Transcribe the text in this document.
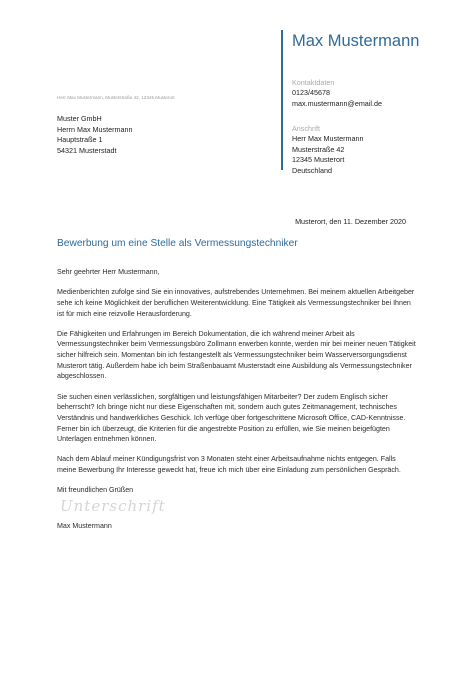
Max Mustermann
Kontaktdaten
0123/45678
max.mustermann@email.de
Anschrift
Herr Max Mustermann
Musterstraße 42
12345 Musterort
Deutschland
Herr Max Mustermann, Musterstraße 42, 12345 Musterort
Muster GmbH
Herrn Max Mustermann
Hauptstraße 1
54321 Musterstadt
Musterort, den 11. Dezember 2020
Bewerbung um eine Stelle als Vermessungstechniker

Sehr geehrter Herr Mustermann,

Medienberichten zufolge sind Sie ein innovatives, aufstrebendes Unternehmen. Bei meinem aktuellen Arbeitgeber sehe ich keine Möglichkeit der beruflichen Weiterentwicklung. Eine Tätigkeit als Vermessungstechniker bei Ihnen ist für mich eine reizvolle Herausforderung.

Die Fähigkeiten und Erfahrungen im Bereich Dokumentation, die ich während meiner Arbeit als Vermessungstechniker beim Vermessungsbüro Zollmann erwerben konnte, werden mir bei meiner neuen Tätigkeit sicher hilfreich sein. Momentan bin ich festangestellt als Vermessungstechniker beim Wasserversorgungsdienst Musterort tätig. Außerdem habe ich beim Straßenbauamt Musterstadt eine Ausbildung als Vermessungstechniker abgeschlossen.

Sie suchen einen verlässlichen, sorgfältigen und leistungsfähigen Mitarbeiter? Der zudem Englisch sicher beherrscht? Ich bringe nicht nur diese Eigenschaften mit, sondern auch gutes Zeitmanagement, technisches Verständnis und handwerkliches Geschick. Ich verfüge über fortgeschrittene Microsoft Office, CAD-Kenntnisse. Ferner bin ich überzeugt, die Kriterien für die angestrebte Position zu erfüllen, wie Sie meinen beigefügten Unterlagen entnehmen können.

Nach dem Ablauf meiner Kündigungsfrist von 3 Monaten steht einer Arbeitsaufnahme nichts entgegen. Falls meine Bewerbung Ihr Interesse geweckt hat, freue ich mich über eine Einladung zum persönlichen Gespräch.

Mit freundlichen Grüßen

Unterschrift
Max Mustermann
